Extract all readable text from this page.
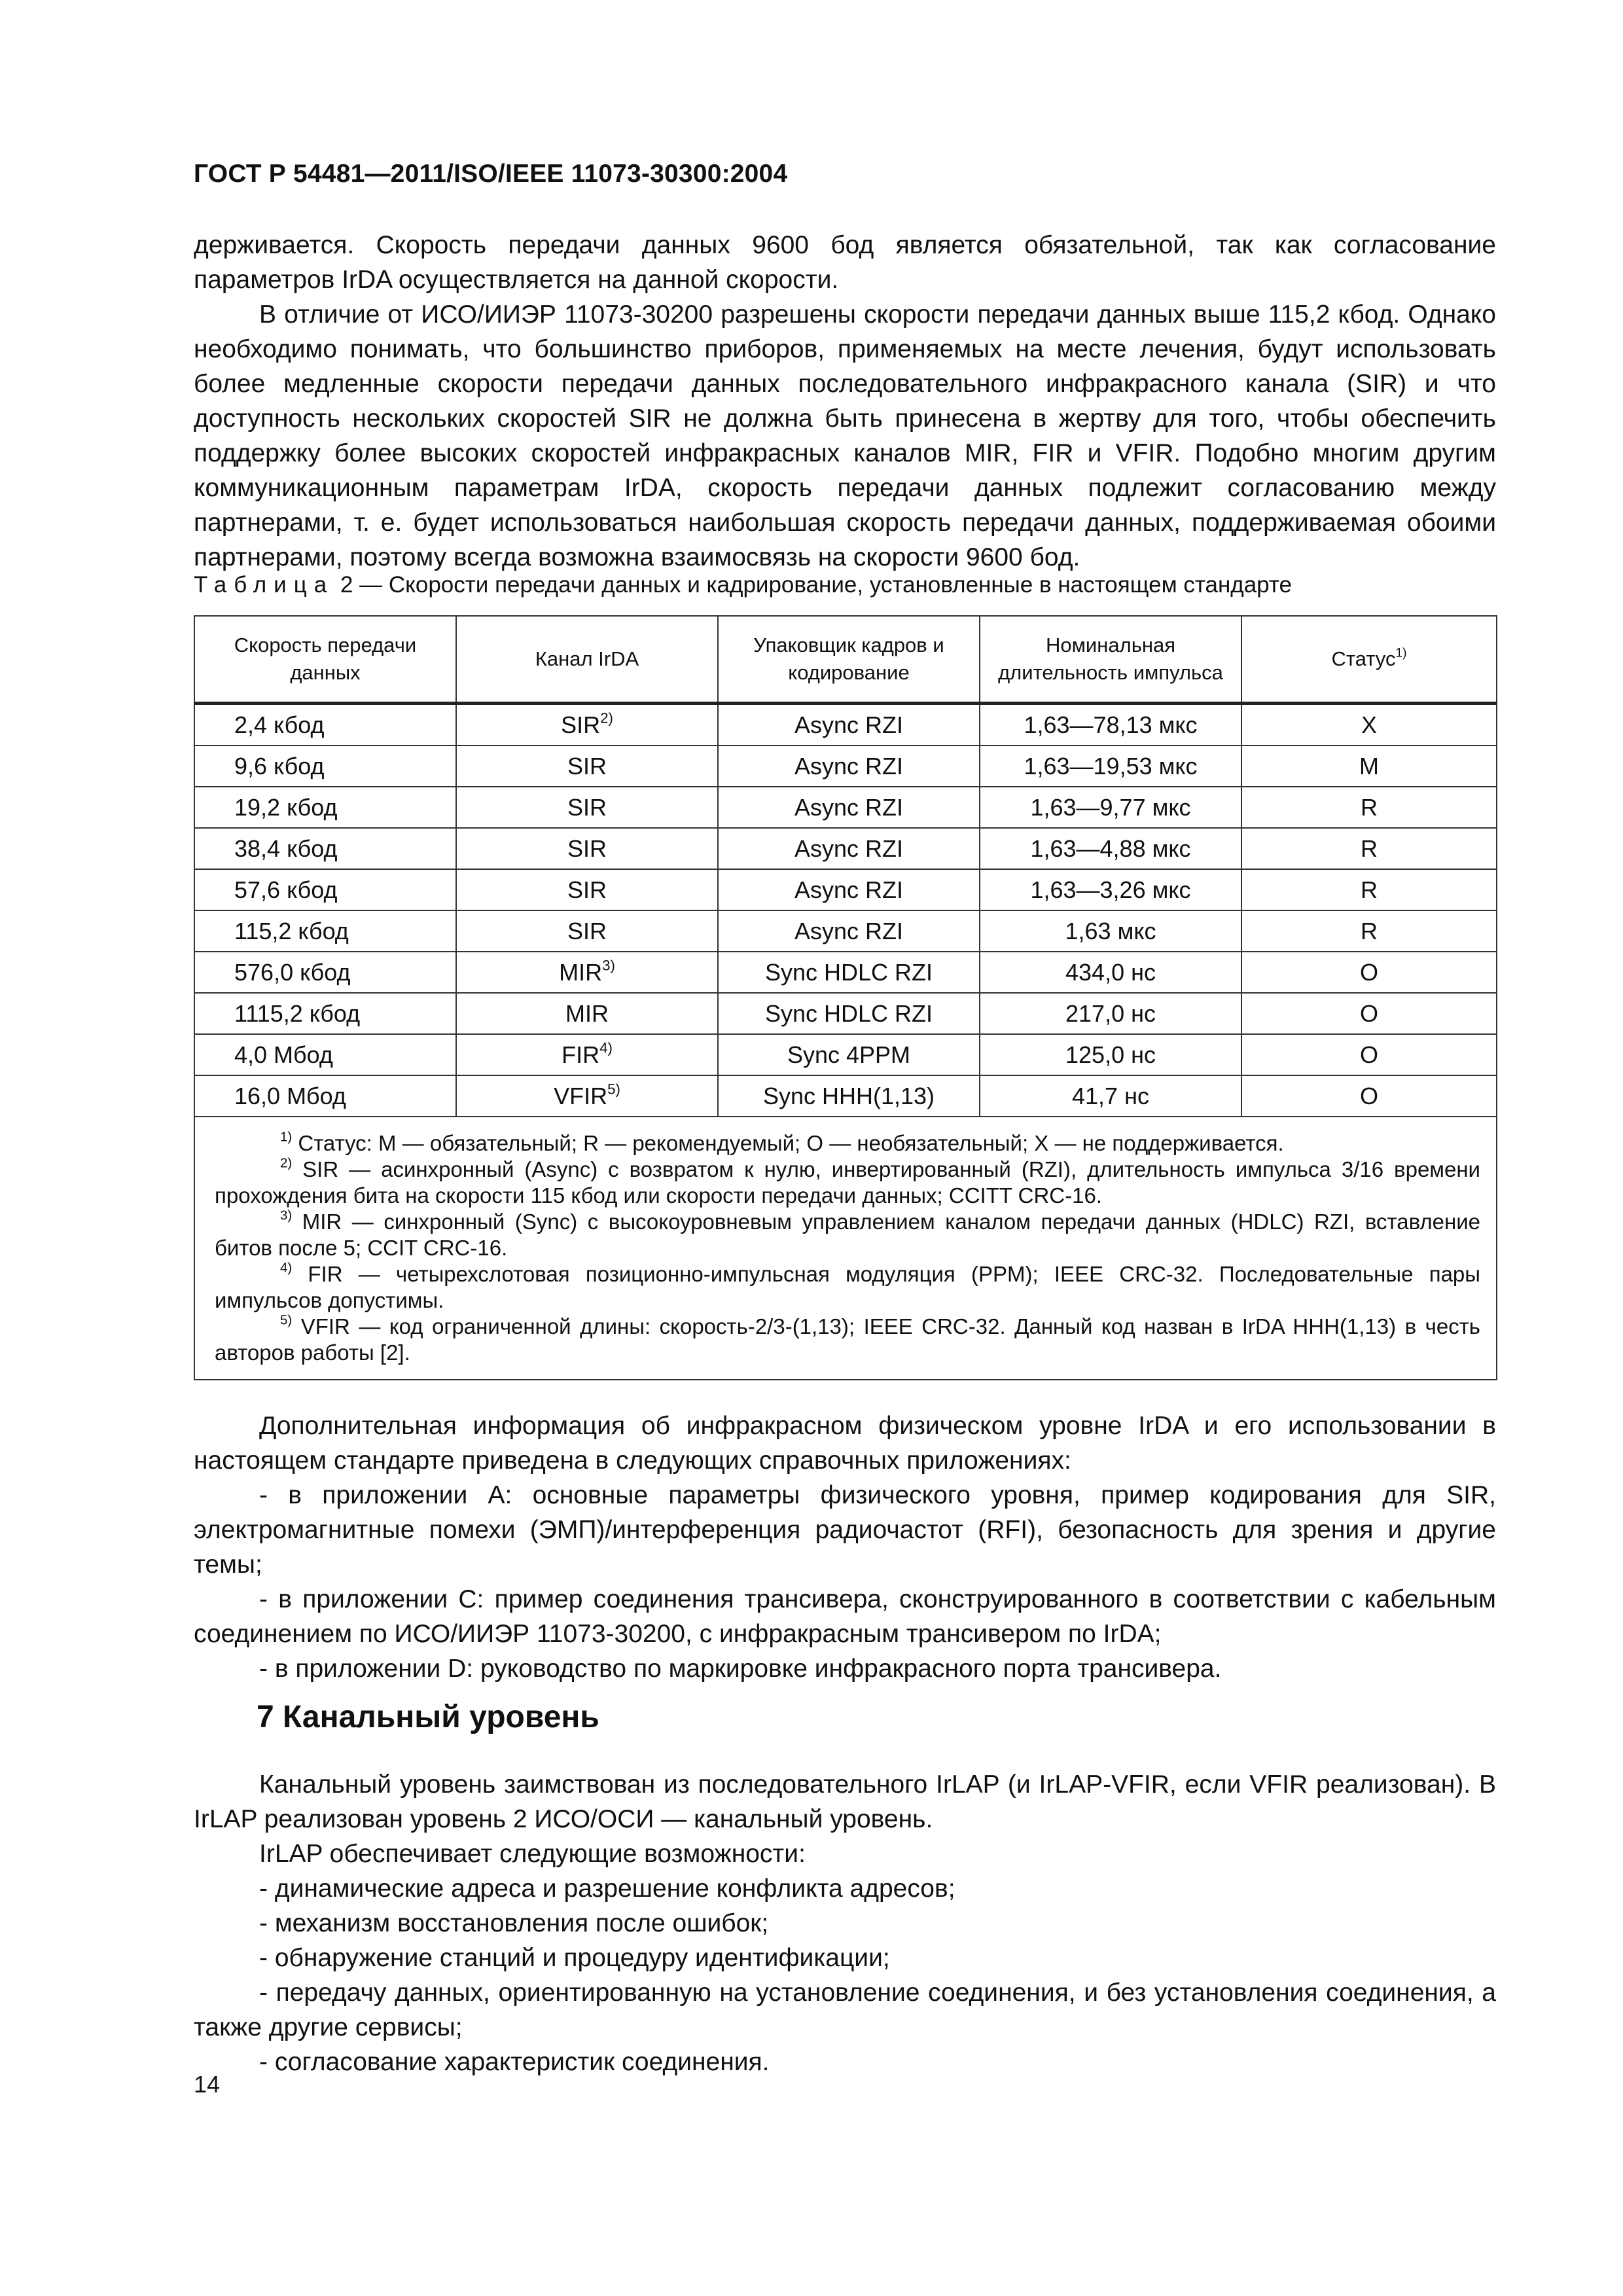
ГОСТ Р 54481—2011/ISO/IEEE 11073-30300:2004

держивается. Скорость передачи данных 9600 бод является обязательной, так как согласование параметров IrDA осуществляется на данной скорости.

В отличие от ИСО/ИИЭР 11073-30200 разрешены скорости передачи данных выше 115,2 кбод. Однако необходимо понимать, что большинство приборов, применяемых на месте лечения, будут использовать более медленные скорости передачи данных последовательного инфракрасного канала (SIR) и что доступность нескольких скоростей SIR не должна быть принесена в жертву для того, чтобы обеспечить поддержку более высоких скоростей инфракрасных каналов MIR, FIR и VFIR. Подобно многим другим коммуникационным параметрам IrDA, скорость передачи данных подлежит согласованию между партнерами, т. е. будет использоваться наибольшая скорость передачи данных, поддерживаемая обоими партнерами, поэтому всегда возможна взаимосвязь на скорости 9600 бод.

Таблица 2 — Скорости передачи данных и кадрирование, установленные в настоящем стандарте
Скорость передачи данных	Канал IrDA	Упаковщик кадров и кодирование	Номинальная длительность импульса	Статус$^{1)}$
2,4 кбод	SIR$^{2)}$	Async RZI	1,63—78,13 мкс	X
9,6 кбод	SIR	Async RZI	1,63—19,53 мкс	M
19,2 кбод	SIR	Async RZI	1,63—9,77 мкс	R
38,4 кбод	SIR	Async RZI	1,63—4,88 мкс	R
57,6 кбод	SIR	Async RZI	1,63—3,26 мкс	R
115,2 кбод	SIR	Async RZI	1,63 мкс	R
576,0 кбод	MIR$^{3)}$	Sync HDLC RZI	434,0 нс	O
1115,2 кбод	MIR	Sync HDLC RZI	217,0 нс	O
4,0 Мбод	FIR$^{4)}$	Sync 4PPM	125,0 нс	O
16,0 Мбод	VFIR$^{5)}$	Sync HHH(1,13)	41,7 нс	O

$^{1)}$ Статус: M — обязательный; R — рекомендуемый; O — необязательный; X — не поддерживается.

$^{2)}$ SIR — асинхронный (Async) с возвратом к нулю, инвертированный (RZI), длительность импульса 3/16 времени прохождения бита на скорости 115 кбод или скорости передачи данных; CCITT CRC-16.

$^{3)}$ MIR — синхронный (Sync) с высокоуровневым управлением каналом передачи данных (HDLC) RZI, вставление битов после 5; CCIT CRC-16.

$^{4)}$ FIR — четырехслотовая позиционно-импульсная модуляция (PPM); IEEE CRC-32. Последовательные пары импульсов допустимы.

$^{5)}$ VFIR — код ограниченной длины: скорость-2/3-(1,13); IEEE CRC-32. Данный код назван в IrDA HHH(1,13) в честь авторов работы [2].				

Дополнительная информация об инфракрасном физическом уровне IrDA и его использовании в настоящем стандарте приведена в следующих справочных приложениях:

- в приложении А: основные параметры физического уровня, пример кодирования для SIR, электромагнитные помехи (ЭМП)/интерференция радиочастот (RFI), безопасность для зрения и другие темы;

- в приложении С: пример соединения трансивера, сконструированного в соответствии с кабельным соединением по ИСО/ИИЭР 11073-30200, с инфракрасным трансивером по IrDA;

- в приложении D: руководство по маркировке инфракрасного порта трансивера.

7 Канальный уровень

Канальный уровень заимствован из последовательного IrLAP (и IrLAP-VFIR, если VFIR реализован). В IrLAP реализован уровень 2 ИСО/ОСИ — канальный уровень.

IrLAP обеспечивает следующие возможности:

- динамические адреса и разрешение конфликта адресов;

- механизм восстановления после ошибок;

- обнаружение станций и процедуру идентификации;

- передачу данных, ориентированную на установление соединения, и без установления соединения, а также другие сервисы;

- согласование характеристик соединения.

14
